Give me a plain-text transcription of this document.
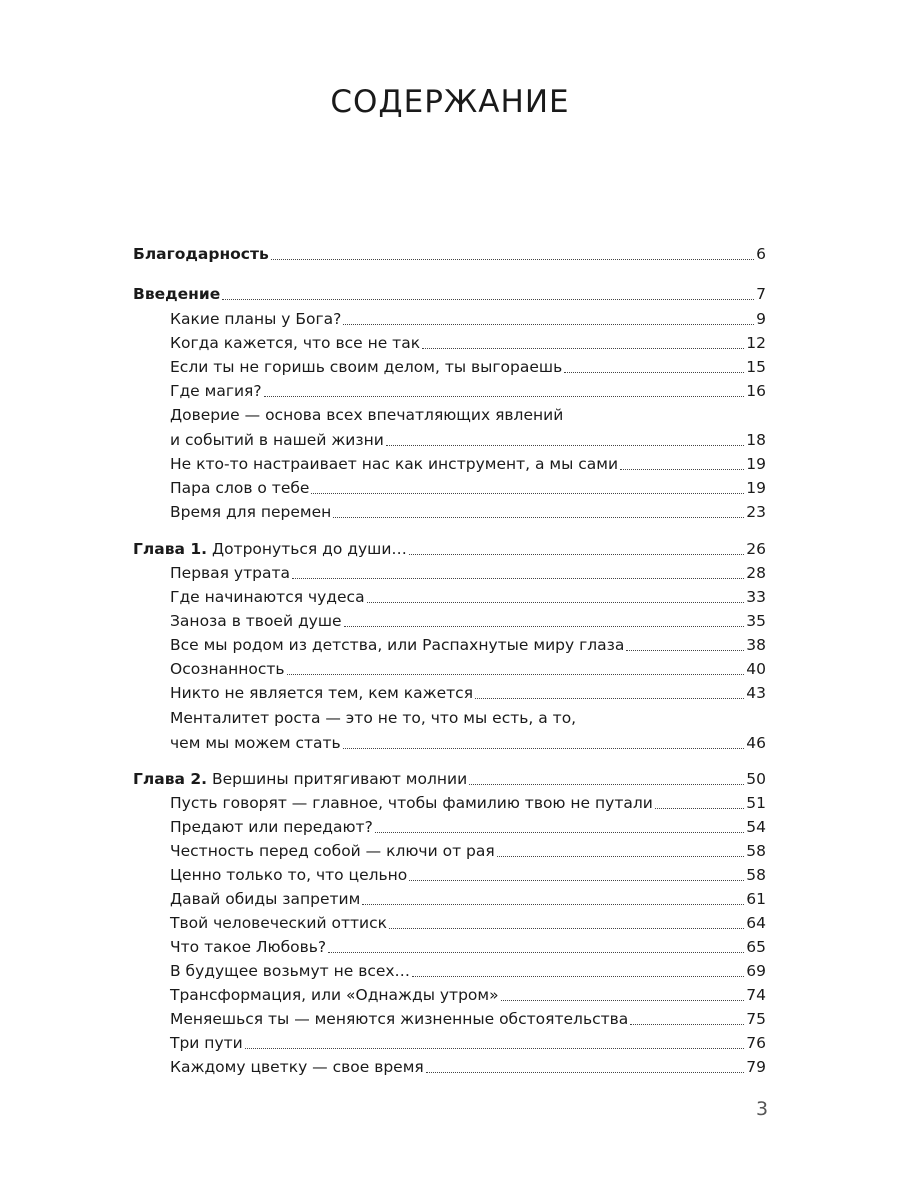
СОДЕРЖАНИЕ
Благодарность	6
Введение	7
Какие планы у Бога?	9
Когда кажется, что все не так	12
Если ты не горишь своим делом, ты выгораешь	15
Где магия?	16
Доверие — основа всех впечатляющих явлений
и событий в нашей жизни	18
Не кто-то настраивает нас как инструмент, а мы сами	19
Пара слов о тебе	19
Время для перемен	23
Глава 1. Дотронуться до души…	26
Первая утрата	28
Где начинаются чудеса	33
Заноза в твоей душе	35
Все мы родом из детства, или Распахнутые миру глаза	38
Осознанность	40
Никто не является тем, кем кажется	43
Менталитет роста — это не то, что мы есть, а то,
чем мы можем стать	46
Глава 2. Вершины притягивают молнии	50
Пусть говорят — главное, чтобы фамилию твою не путали	51
Предают или передают?	54
Честность перед собой — ключи от рая	58
Ценно только то, что цельно	58
Давай обиды запретим	61
Твой человеческий оттиск	64
Что такое Любовь?	65
В будущее возьмут не всех…	69
Трансформация, или «Однажды утром»	74
Меняешься ты — меняются жизненные обстоятельства	75
Три пути	76
Каждому цветку — свое время	79
3
